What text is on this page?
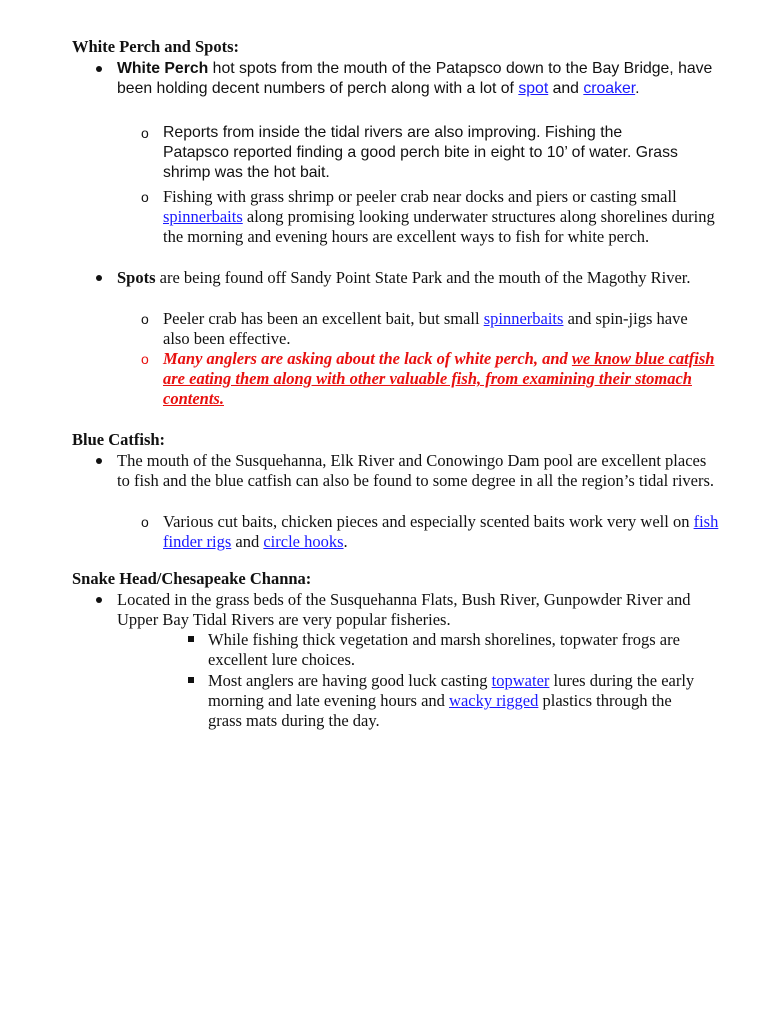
White Perch and Spots:
White Perch hot spots from the mouth of the Patapsco down to the Bay Bridge, have been holding decent numbers of perch along with a lot of spot and croaker.
o Reports from inside the tidal rivers are also improving. Fishing the Patapsco reported finding a good perch bite in eight to 10’ of water. Grass shrimp was the hot bait.
o Fishing with grass shrimp or peeler crab near docks and piers or casting small spinnerbaits along promising looking underwater structures along shorelines during the morning and evening hours are excellent ways to fish for white perch.
Spots are being found off Sandy Point State Park and the mouth of the Magothy River.
o Peeler crab has been an excellent bait, but small spinnerbaits and spin-jigs have also been effective.
o Many anglers are asking about the lack of white perch, and we know blue catfish are eating them along with other valuable fish, from examining their stomach contents.
Blue Catfish:
The mouth of the Susquehanna, Elk River and Conowingo Dam pool are excellent places to fish and the blue catfish can also be found to some degree in all the region’s tidal rivers.
o Various cut baits, chicken pieces and especially scented baits work very well on fish finder rigs and circle hooks.
Snake Head/Chesapeake Channa:
Located in the grass beds of the Susquehanna Flats, Bush River, Gunpowder River and Upper Bay Tidal Rivers are very popular fisheries.
While fishing thick vegetation and marsh shorelines, topwater frogs are excellent lure choices.
Most anglers are having good luck casting topwater lures during the early morning and late evening hours and wacky rigged plastics through the grass mats during the day.
